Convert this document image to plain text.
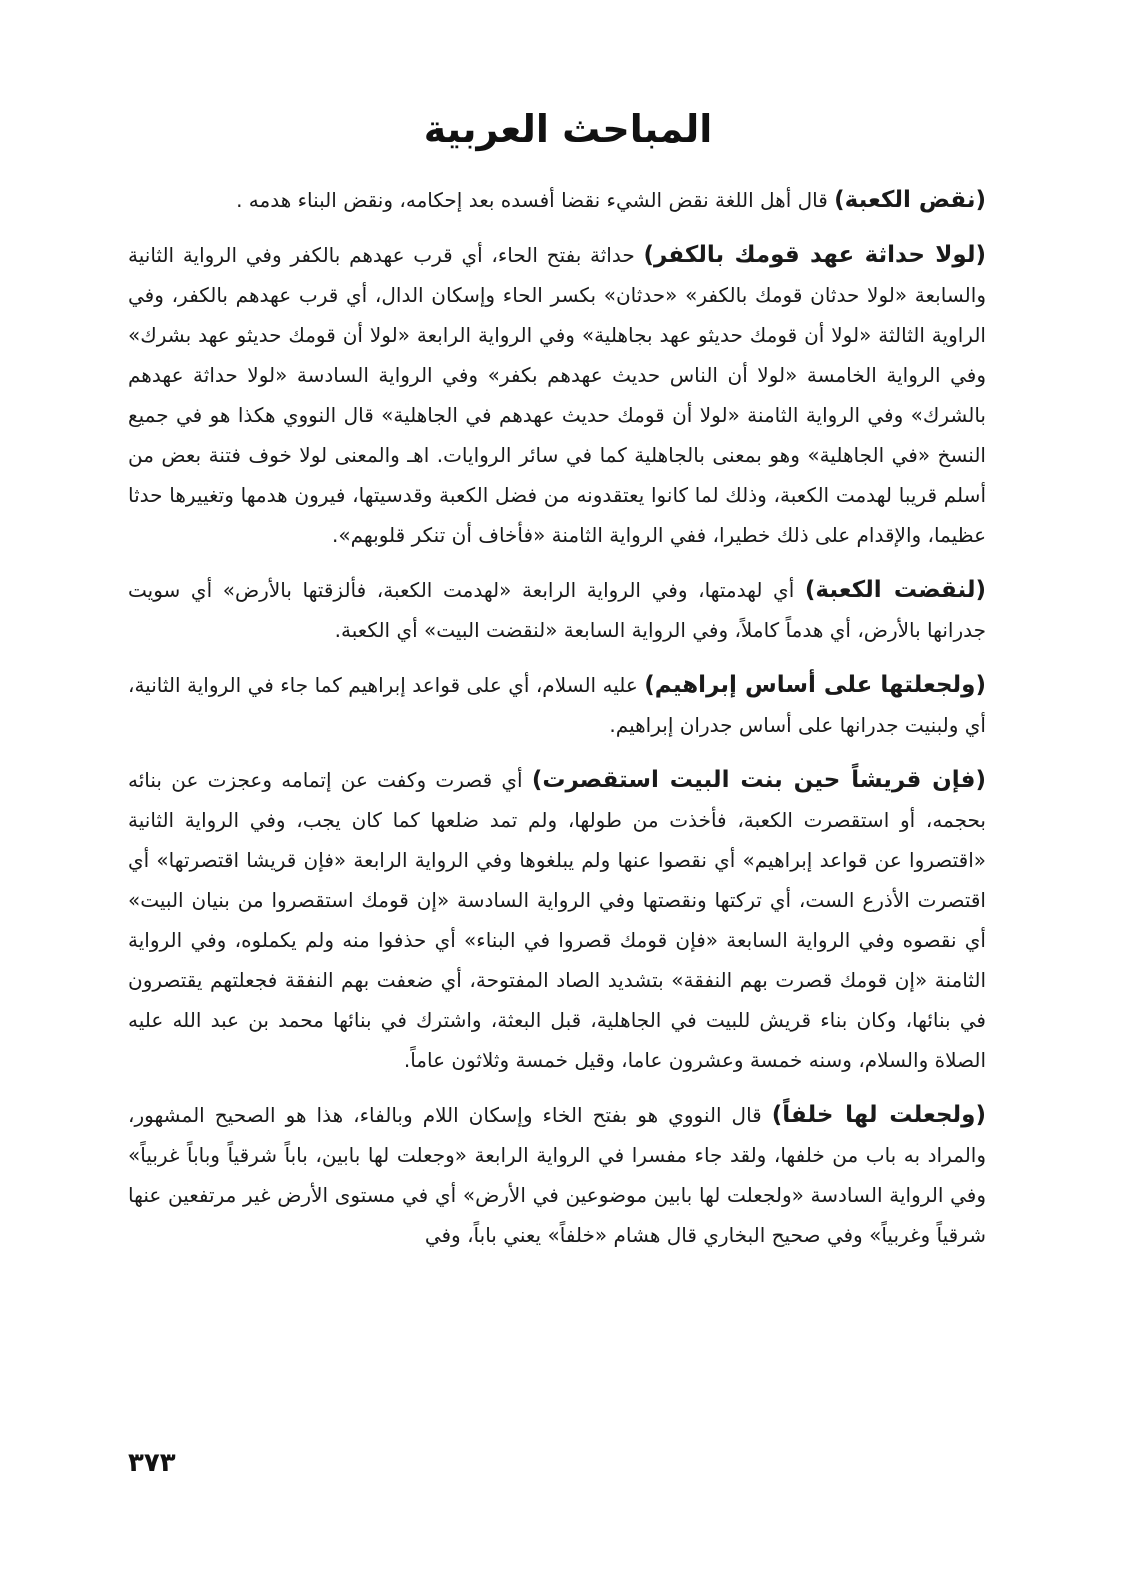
المباحث العربية

(نقض الكعبة) قال أهل اللغة نقض الشيء نقضا أفسده بعد إحكامه، ونقض البناء هدمه .

(لولا حداثة عهد قومك بالكفر) حداثة بفتح الحاء، أي قرب عهدهم بالكفر وفي الرواية الثانية والسابعة «لولا حدثان قومك بالكفر» «حدثان» بكسر الحاء وإسكان الدال، أي قرب عهدهم بالكفر، وفي الراوية الثالثة «لولا أن قومك حديثو عهد بجاهلية» وفي الرواية الرابعة «لولا أن قومك حديثو عهد بشرك» وفي الرواية الخامسة «لولا أن الناس حديث عهدهم بكفر» وفي الرواية السادسة «لولا حداثة عهدهم بالشرك» وفي الرواية الثامنة «لولا أن قومك حديث عهدهم في الجاهلية» قال النووي هكذا هو في جميع النسخ «في الجاهلية» وهو بمعنى بالجاهلية كما في سائر الروايات. اهـ والمعنى لولا خوف فتنة بعض من أسلم قريبا لهدمت الكعبة، وذلك لما كانوا يعتقدونه من فضل الكعبة وقدسيتها، فيرون هدمها وتغييرها حدثا عظيما، والإقدام على ذلك خطيرا، ففي الرواية الثامنة «فأخاف أن تنكر قلوبهم».

(لنقضت الكعبة) أي لهدمتها، وفي الرواية الرابعة «لهدمت الكعبة، فألزقتها بالأرض» أي سويت جدرانها بالأرض، أي هدماً كاملاً، وفي الرواية السابعة «لنقضت البيت» أي الكعبة.

(ولجعلتها على أساس إبراهيم) عليه السلام، أي على قواعد إبراهيم كما جاء في الرواية الثانية، أي ولبنيت جدرانها على أساس جدران إبراهيم.

(فإن قريشاً حين بنت البيت استقصرت) أي قصرت وكفت عن إتمامه وعجزت عن بنائه بحجمه، أو استقصرت الكعبة، فأخذت من طولها، ولم تمد ضلعها كما كان يجب، وفي الرواية الثانية «اقتصروا عن قواعد إبراهيم» أي نقصوا عنها ولم يبلغوها وفي الرواية الرابعة «فإن قريشا اقتصرتها» أي اقتصرت الأذرع الست، أي تركتها ونقصتها وفي الرواية السادسة «إن قومك استقصروا من بنيان البيت» أي نقصوه وفي الرواية السابعة «فإن قومك قصروا في البناء» أي حذفوا منه ولم يكملوه، وفي الرواية الثامنة «إن قومك قصرت بهم النفقة» بتشديد الصاد المفتوحة، أي ضعفت بهم النفقة فجعلتهم يقتصرون في بنائها، وكان بناء قريش للبيت في الجاهلية، قبل البعثة، واشترك في بنائها محمد بن عبد الله عليه الصلاة والسلام، وسنه خمسة وعشرون عاما، وقيل خمسة وثلاثون عاماً.

(ولجعلت لها خلفاً) قال النووي هو بفتح الخاء وإسكان اللام وبالفاء، هذا هو الصحيح المشهور، والمراد به باب من خلفها، ولقد جاء مفسرا في الرواية الرابعة «وجعلت لها بابين، باباً شرقياً وباباً غربياً» وفي الرواية السادسة «ولجعلت لها بابين موضوعين في الأرض» أي في مستوى الأرض غير مرتفعين عنها شرقياً وغربياً» وفي صحيح البخاري قال هشام «خلفاً» يعني باباً، وفي

٣٧٣
